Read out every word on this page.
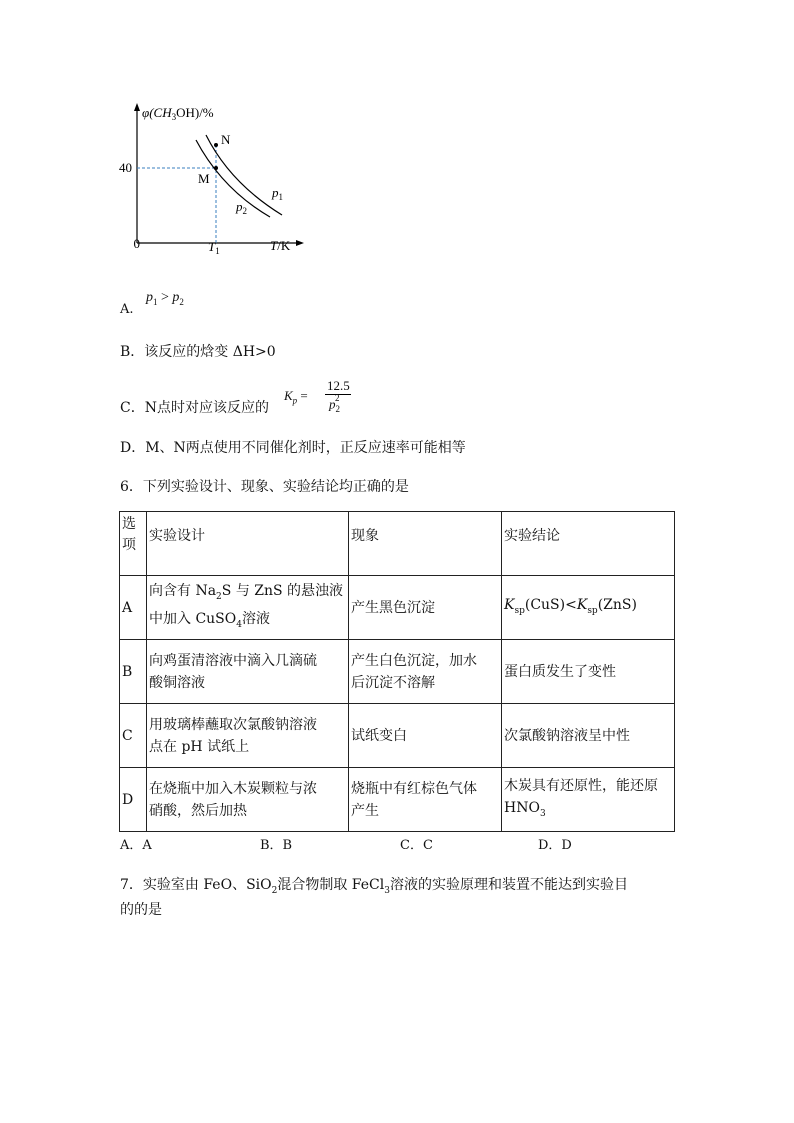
$\varphi(CH_3OH)/\%$
40
0	$T_1$	T/K
N
M
$p_1$
$p_2$
A. $p_1 > p_2$
B．该反应的焓变 ΔH>0
C．N点时对应该反应的
$K_p$ =
12.5
$p_2^2$
D．M、N两点使用不同催化剂时，正反应速率可能相等
6．下列实验设计、现象、实验结论均正确的是
选项	实验设计	现象	实验结论
A	向含有 $Na_2S$ 与 ZnS 的悬浊液
中加入 CuSO$_4$溶液	产生黑色沉淀	$K_{sp}(CuS)<K_{sp}(ZnS)$
B	向鸡蛋清溶液中滴入几滴硫
酸铜溶液	产生白色沉淀，加水
后沉淀不溶解	蛋白质发生了变性
C	用玻璃棒蘸取次氯酸钠溶液
点在 pH 试纸上	试纸变白	次氯酸钠溶液呈中性
D	在烧瓶中加入木炭颗粒与浓
硝酸，然后加热	烧瓶中有红棕色气体
产生	木炭具有还原性，能还原
$HNO_3$
A．A	B．B	C．C	D．D
7．实验室由 FeO、SiO$_2$混合物制取 FeCl$_3$溶液的实验原理和装置不能达到实验目
的的是
